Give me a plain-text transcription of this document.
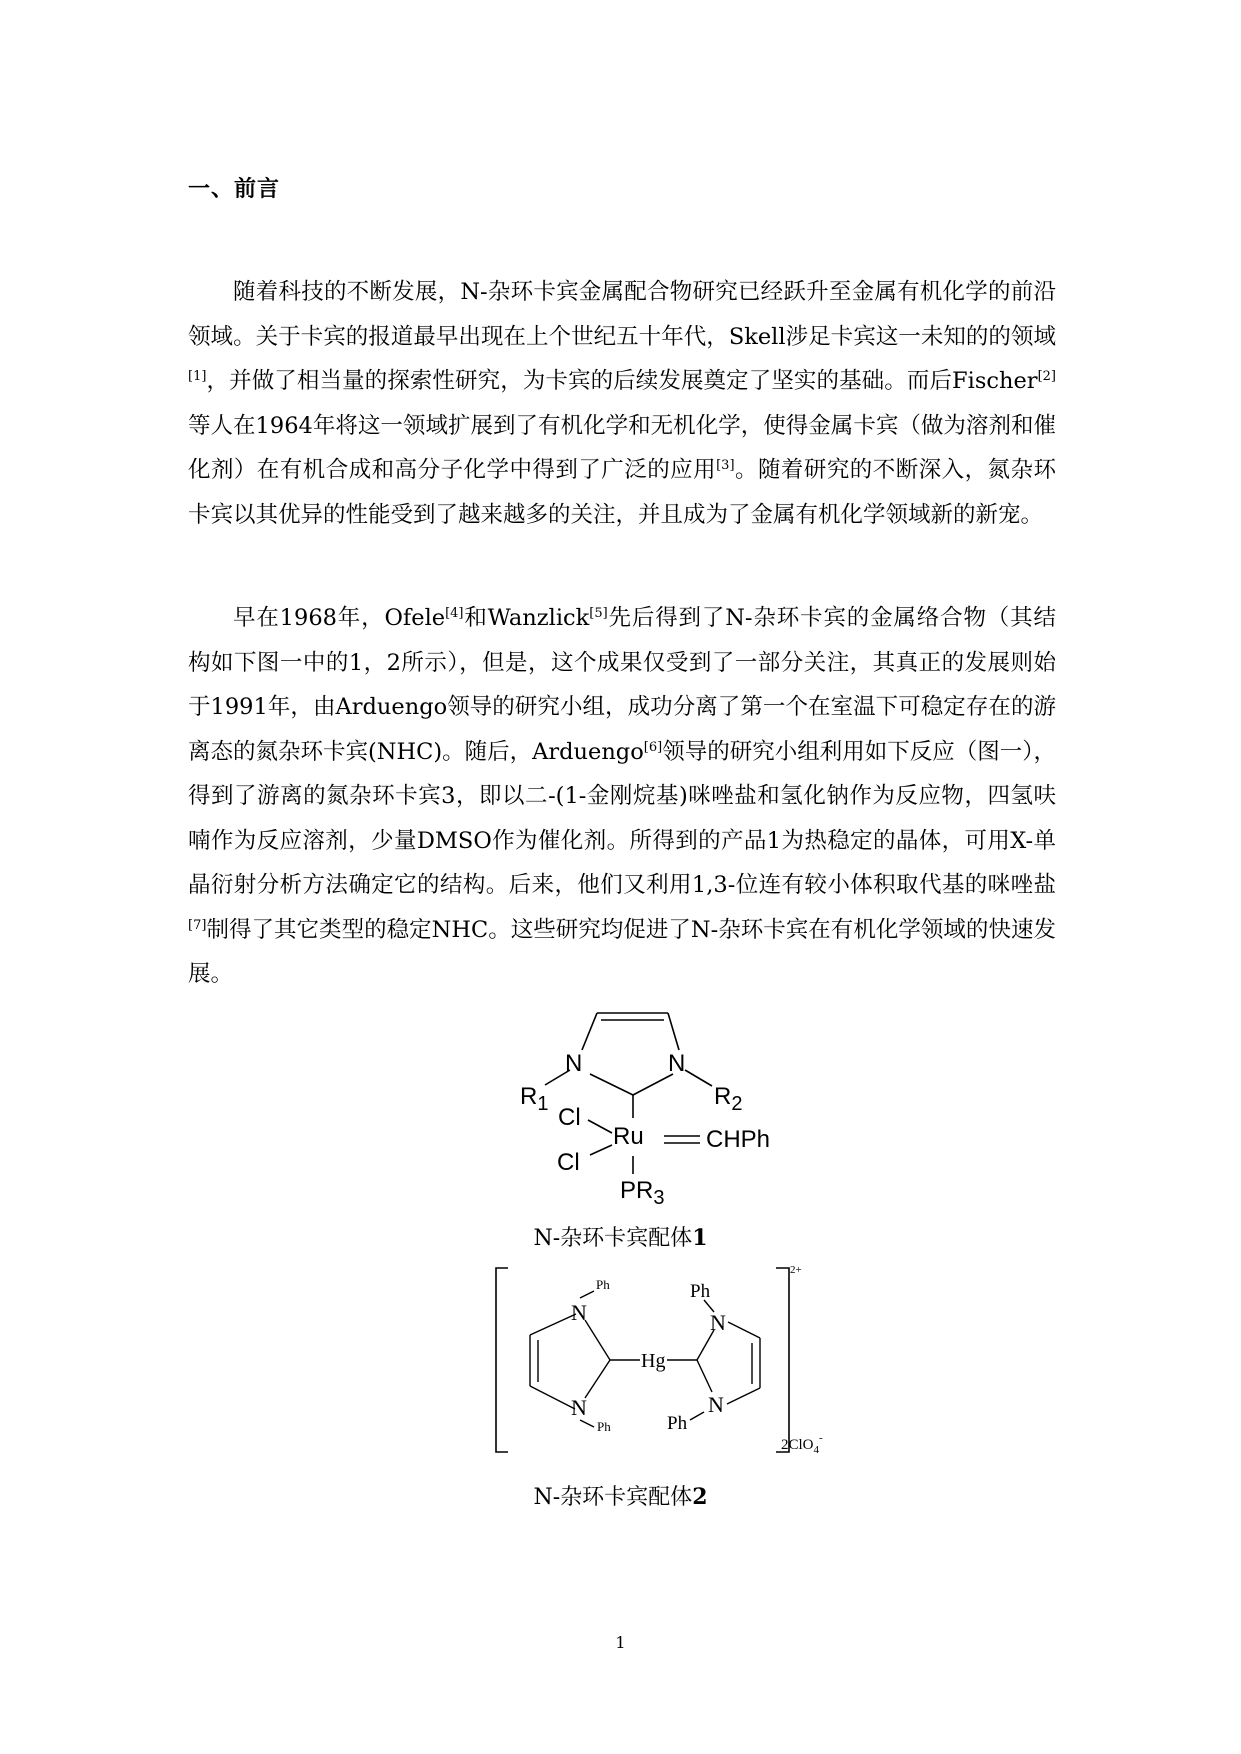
一、前言

随着科技的不断发展，N-杂环卡宾金属配合物研究已经跃升至金属有机化学的前沿领域。关于卡宾的报道最早出现在上个世纪五十年代，Skell涉足卡宾这一未知的的领域[1]，并做了相当量的探索性研究，为卡宾的后续发展奠定了坚实的基础。而后Fischer[2]等人在1964年将这一领域扩展到了有机化学和无机化学，使得金属卡宾（做为溶剂和催化剂）在有机合成和高分子化学中得到了广泛的应用[3]。随着研究的不断深入，氮杂环卡宾以其优异的性能受到了越来越多的关注，并且成为了金属有机化学领域新的新宠。

早在1968年，Ofele[4]和Wanzlick[5]先后得到了N-杂环卡宾的金属络合物（其结构如下图一中的1，2所示），但是，这个成果仅受到了一部分关注，其真正的发展则始于1991年，由Arduengo领导的研究小组，成功分离了第一个在室温下可稳定存在的游离态的氮杂环卡宾(NHC)。随后，Arduengo[6]领导的研究小组利用如下反应（图一），得到了游离的氮杂环卡宾3，即以二-(1-金刚烷基)咪唑盐和氢化钠作为反应物，四氢呋喃作为反应溶剂，少量DMSO作为催化剂。所得到的产品1为热稳定的晶体，可用X-单晶衍射分析方法确定它的结构。后来，他们又利用1,3-位连有较小体积取代基的咪唑盐[7]制得了其它类型的稳定NHC。这些研究均促进了N-杂环卡宾在有机化学领域的快速发展。

N	N
$R_1$	$R_2$
Cl
Ru	CHPh
Cl
$PR_3$
N-杂环卡宾配体1
Ph
N
N
Ph
Hg
Ph
N
N
Ph
2+
2ClO$_4$-
N-杂环卡宾配体2
1
